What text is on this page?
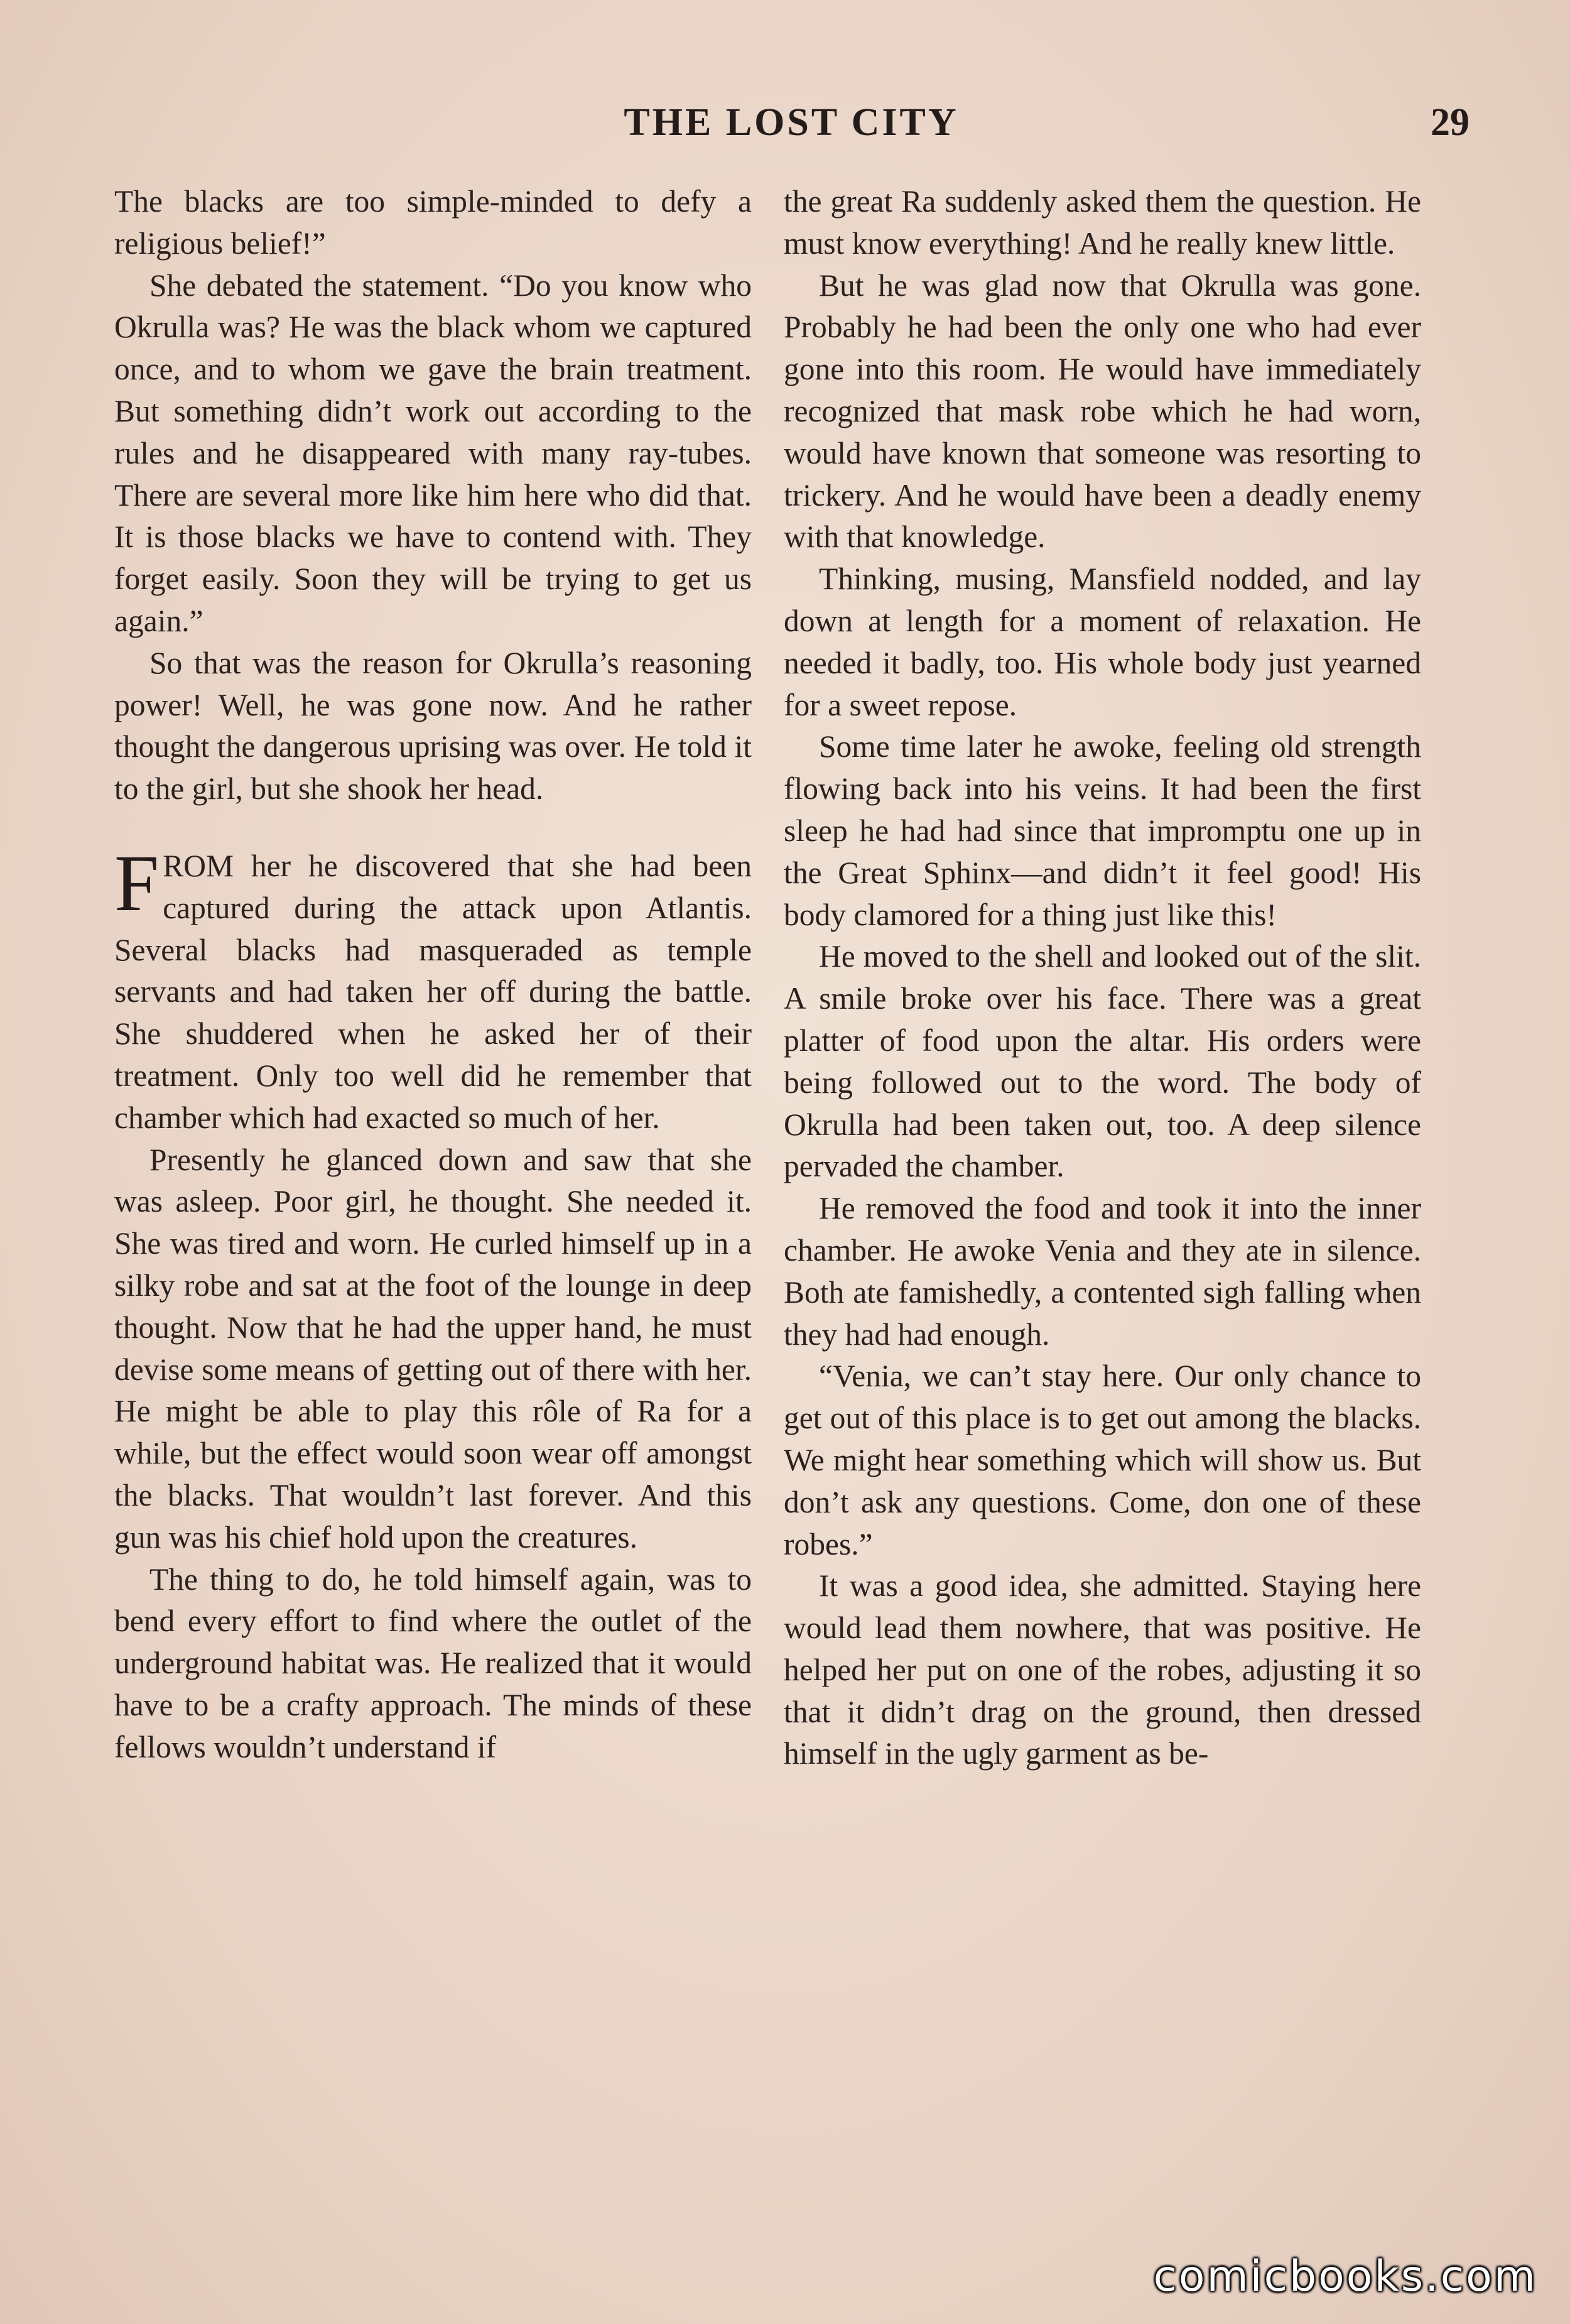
THE LOST CITY	29

The blacks are too simple-minded to defy a religious belief!”

She debated the statement. “Do you know who Okrulla was? He was the black whom we captured once, and to whom we gave the brain treatment. But something didn’t work out according to the rules and he disappeared with many ray-tubes. There are several more like him here who did that. It is those blacks we have to contend with. They forget easily. Soon they will be trying to get us again.”

So that was the reason for Okrulla’s reasoning power! Well, he was gone now. And he rather thought the dangerous uprising was over. He told it to the girl, but she shook her head.

FROM her he discovered that she had been captured during the attack upon Atlantis. Several blacks had masqueraded as temple servants and had taken her off during the battle. She shuddered when he asked her of their treatment. Only too well did he remember that chamber which had exacted so much of her.

Presently he glanced down and saw that she was asleep. Poor girl, he thought. She needed it. She was tired and worn. He curled himself up in a silky robe and sat at the foot of the lounge in deep thought. Now that he had the upper hand, he must devise some means of getting out of there with her. He might be able to play this rôle of Ra for a while, but the effect would soon wear off amongst the blacks. That wouldn’t last forever. And this gun was his chief hold upon the creatures.

The thing to do, he told himself again, was to bend every effort to find where the outlet of the underground habitat was. He realized that it would have to be a crafty approach. The minds of these fellows wouldn’t understand if

the great Ra suddenly asked them the question. He must know everything! And he really knew little.

But he was glad now that Okrulla was gone. Probably he had been the only one who had ever gone into this room. He would have immediately recognized that mask robe which he had worn, would have known that someone was resorting to trickery. And he would have been a deadly enemy with that knowledge.

Thinking, musing, Mansfield nodded, and lay down at length for a moment of relaxation. He needed it badly, too. His whole body just yearned for a sweet repose.

Some time later he awoke, feeling old strength flowing back into his veins. It had been the first sleep he had had since that impromptu one up in the Great Sphinx—and didn’t it feel good! His body clamored for a thing just like this!

He moved to the shell and looked out of the slit. A smile broke over his face. There was a great platter of food upon the altar. His orders were being followed out to the word. The body of Okrulla had been taken out, too. A deep silence pervaded the chamber.

He removed the food and took it into the inner chamber. He awoke Venia and they ate in silence. Both ate famishedly, a contented sigh falling when they had had enough.

“Venia, we can’t stay here. Our only chance to get out of this place is to get out among the blacks. We might hear something which will show us. But don’t ask any questions. Come, don one of these robes.”

It was a good idea, she admitted. Staying here would lead them nowhere, that was positive. He helped her put on one of the robes, adjusting it so that it didn’t drag on the ground, then dressed himself in the ugly garment as be-

comicbooks.com
